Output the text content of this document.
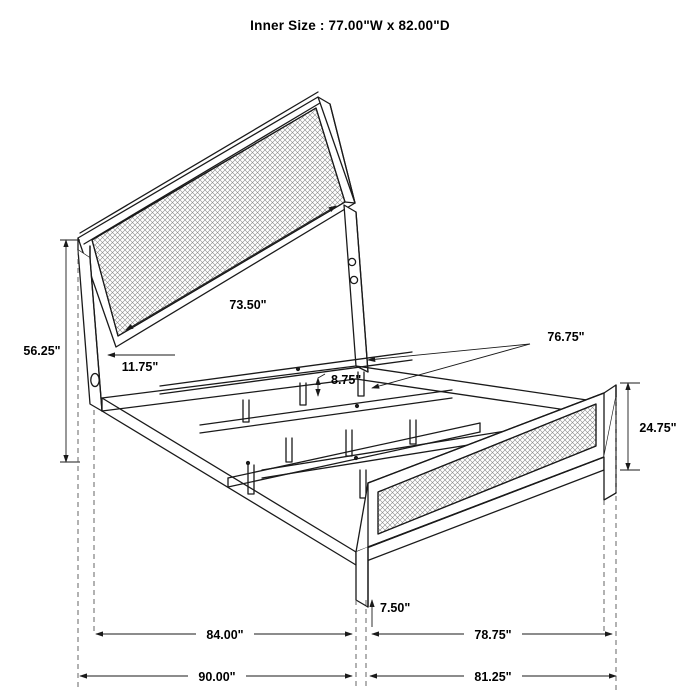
Inner Size : 77.00"W x 82.00"D
73.50"
56.25"
11.75"
8.75"
76.75"
24.75"
7.50"
84.00"	78.75"
90.00"	81.25"
